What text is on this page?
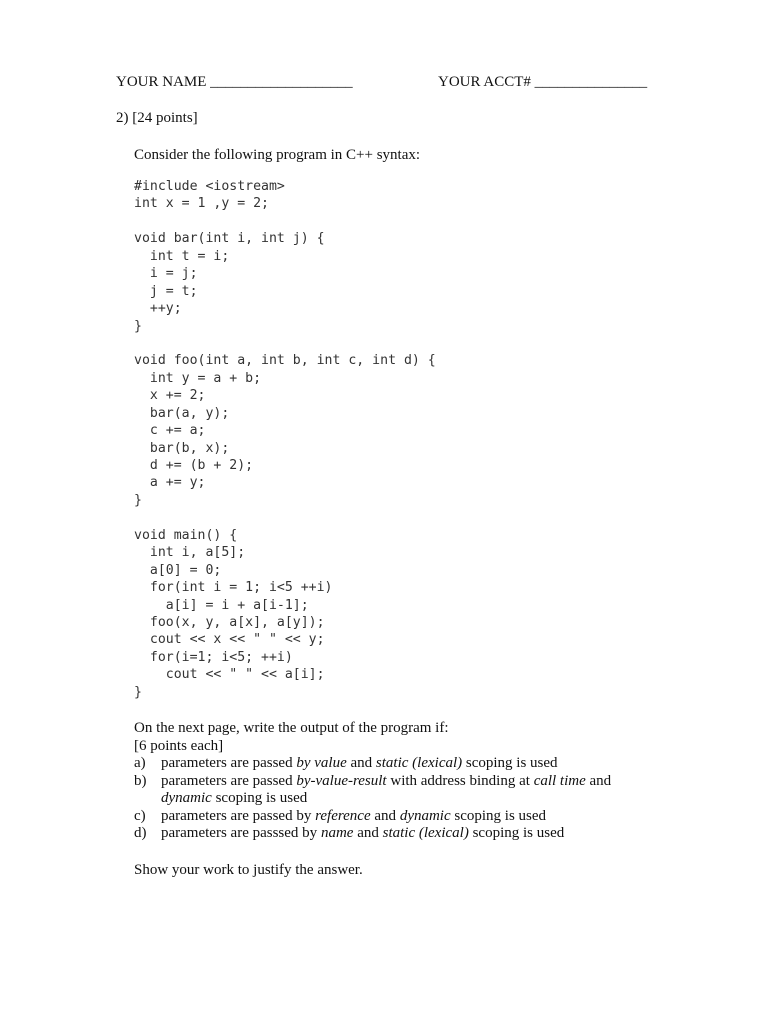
YOUR NAME ___________________	YOUR ACCT# _______________
2) [24 points]
Consider the following program in C++ syntax:
#include <iostream>
int x = 1 ,y = 2;

void bar(int i, int j) {
int t = i;
i = j;
j = t;
++y;
}

void foo(int a, int b, int c, int d) {
int y = a + b;
x += 2;
bar(a, y);
c += a;
bar(b, x);
d += (b + 2);
a += y;
}

void main() {
int i, a[5];
a[0] = 0;
for(int i = 1; i<5 ++i)
a[i] = i + a[i-1];
foo(x, y, a[x], a[y]);
cout << x << " " << y;
for(i=1; i<5; ++i)
cout << " " << a[i];
}
On the next page, write the output of the program if:
[6 points each]
a) parameters are passed by value and static (lexical) scoping is used
b) parameters are passed by-value-result with address binding at call time and dynamic scoping is used
c) parameters are passed by reference and dynamic scoping is used
d) parameters are passsed by name and static (lexical) scoping is used
Show your work to justify the answer.
